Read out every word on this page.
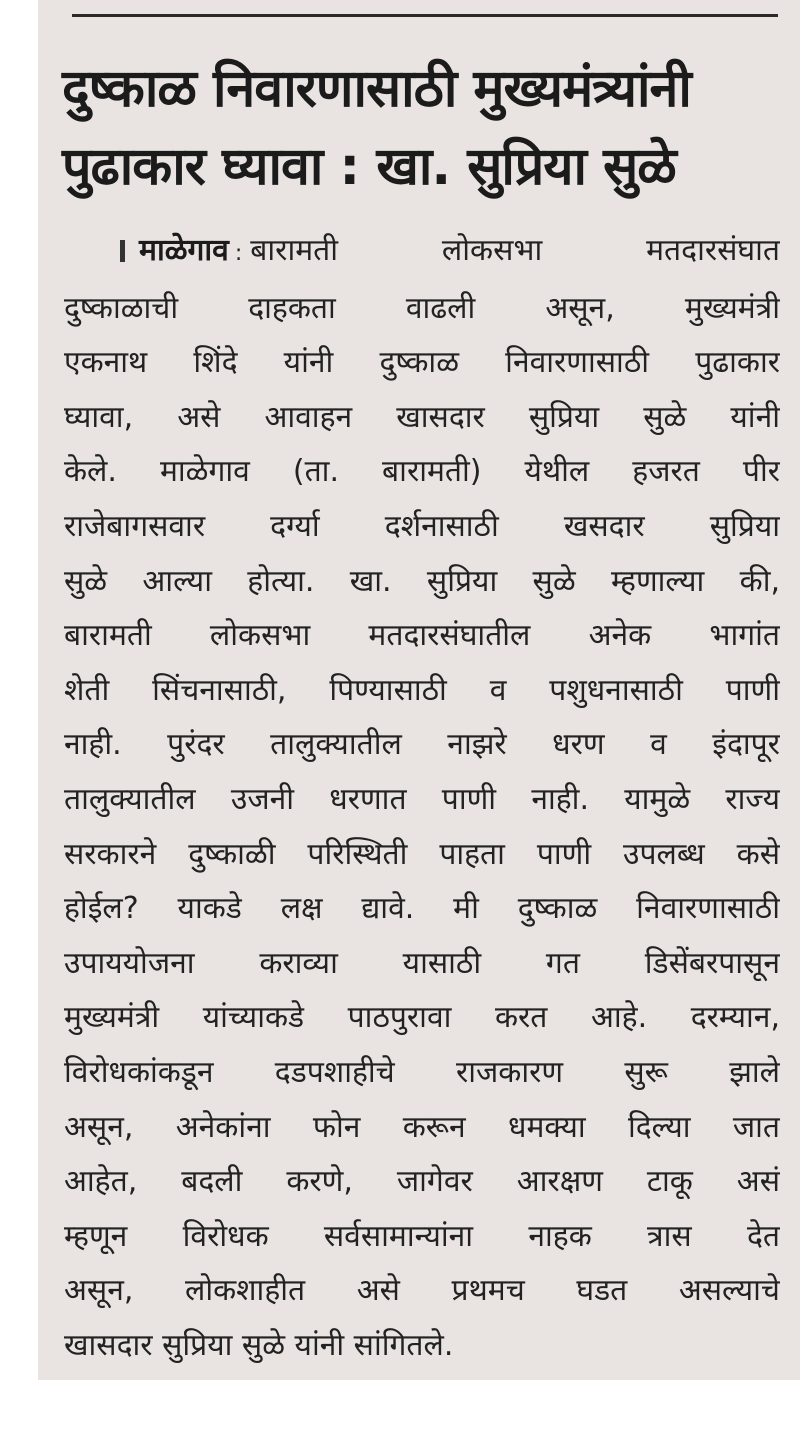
दुष्काळ निवारणासाठी मुख्यमंत्र्यांनी
पुढाकार घ्यावा : खा. सुप्रिया सुळे
माळेगाव : बारामती लोकसभा मतदारसंघात
दुष्काळाची दाहकता वाढली असून, मुख्यमंत्री
एकनाथ शिंदे यांनी दुष्काळ निवारणासाठी पुढाकार
घ्यावा, असे आवाहन खासदार सुप्रिया सुळे यांनी
केले. माळेगाव (ता. बारामती) येथील हजरत पीर
राजेबागसवार दर्ग्या दर्शनासाठी खसदार सुप्रिया
सुळे आल्या होत्या. खा. सुप्रिया सुळे म्हणाल्या की,
बारामती लोकसभा मतदारसंघातील अनेक भागांत
शेती सिंचनासाठी, पिण्यासाठी व पशुधनासाठी पाणी
नाही. पुरंदर तालुक्यातील नाझरे धरण व इंदापूर
तालुक्यातील उजनी धरणात पाणी नाही. यामुळे राज्य
सरकारने दुष्काळी परिस्थिती पाहता पाणी उपलब्ध कसे
होईल? याकडे लक्ष द्यावे. मी दुष्काळ निवारणासाठी
उपाययोजना कराव्या यासाठी गत डिसेंबरपासून
मुख्यमंत्री यांच्याकडे पाठपुरावा करत आहे. दरम्यान,
विरोधकांकडून दडपशाहीचे राजकारण सुरू झाले
असून, अनेकांना फोन करून धमक्या दिल्या जात
आहेत, बदली करणे, जागेवर आरक्षण टाकू असं
म्हणून विरोधक सर्वसामान्यांना नाहक त्रास देत
असून, लोकशाहीत असे प्रथमच घडत असल्याचे
खासदार सुप्रिया सुळे यांनी सांगितले.
